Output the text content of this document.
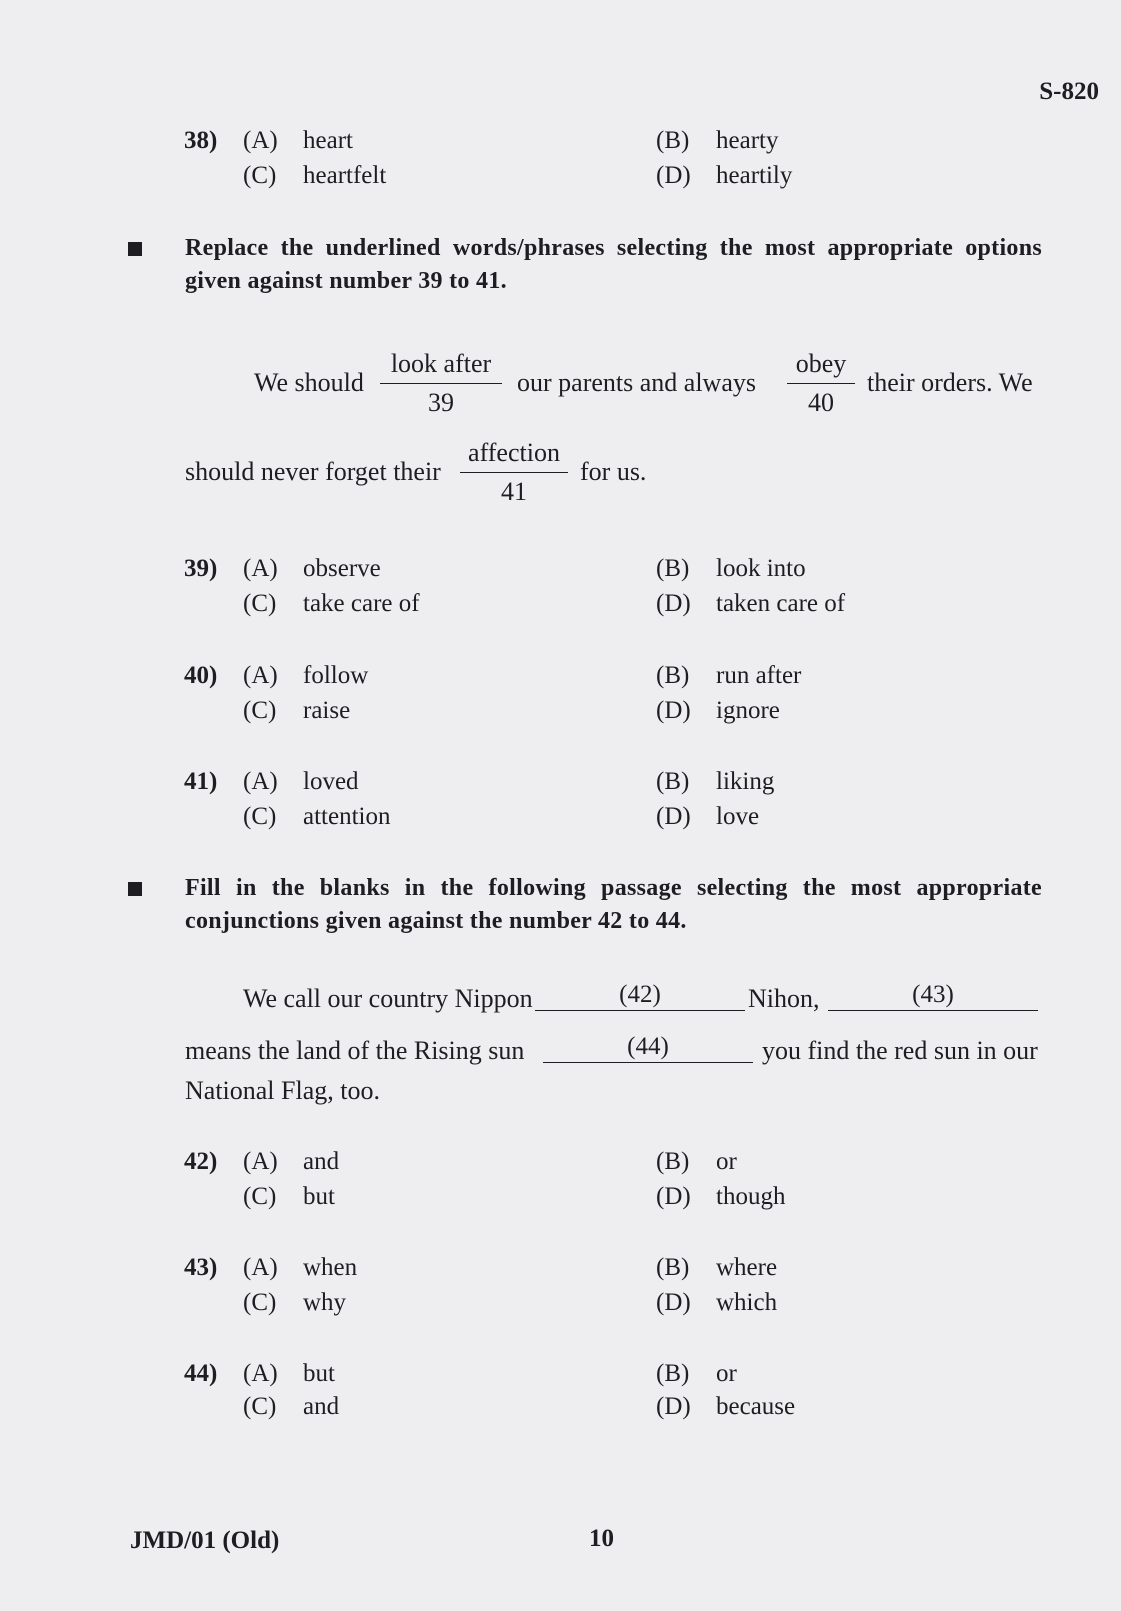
S-820
38) (A) heart	(B) hearty
(C) heartfelt	(D) heartily
Replace the underlined words/phrases selecting the most appropriate options given against number 39 to 41.
We should
look after
39
our parents and always
obey
40
their orders. We
should never forget their
affection
41
for us.
39) (A) observe	(B) look into
(C) take care of	(D) taken care of
40) (A) follow	(B) run after
(C) raise	(D) ignore
41) (A) loved	(B) liking
(C) attention	(D) love
Fill in the blanks in the following passage selecting the most appropriate conjunctions given against the number 42 to 44.
We call our country Nippon	(42)	Nihon,	(43)
means the land of the Rising sun	(44)	you find the red sun in our
National Flag, too.
42) (A) and	(B) or
(C) but	(D) though
43) (A) when	(B) where
(C) why	(D) which
44) (A) but	(B) or
(C) and	(D) because
JMD/01 (Old)	10
